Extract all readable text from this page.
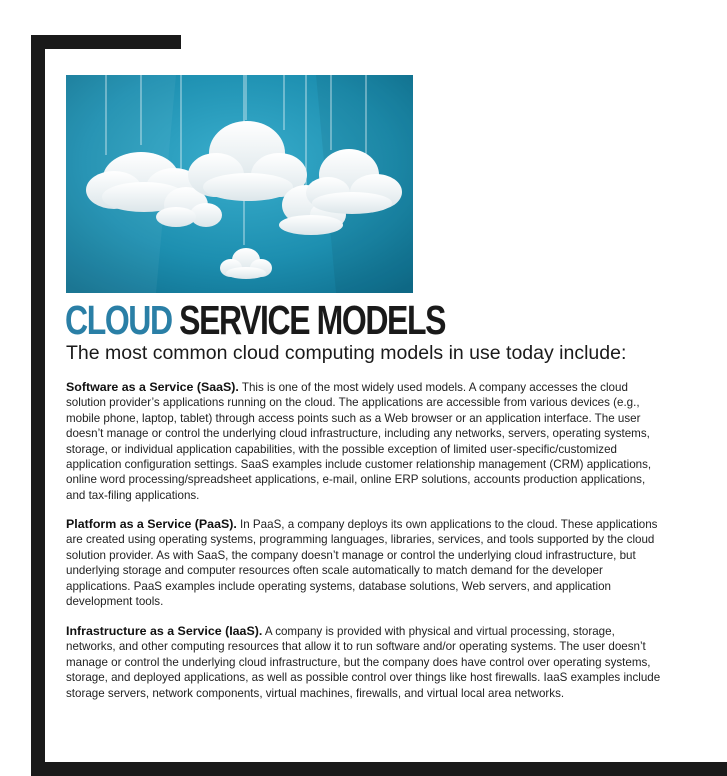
CLOUD SERVICE MODELS

The most common cloud computing models in use today include:

Software as a Service (SaaS). This is one of the most widely used models. A company accesses the cloud solution provider’s applications running on the cloud. The applications are accessible from various devices (e.g., mobile phone, laptop, tablet) through access points such as a Web browser or an application interface. The user doesn’t manage or control the underlying cloud infrastructure, including any networks, servers, operating systems, storage, or individual application capabilities, with the possible exception of limited user-specific/customized application configuration settings. SaaS examples include customer relationship management (CRM) applications, online word processing/spreadsheet applications, e-mail, online ERP solutions, accounts production applications, and tax-filing applications.

Platform as a Service (PaaS). In PaaS, a company deploys its own applications to the cloud. These applications are created using operating systems, programming languages, libraries, services, and tools supported by the cloud solution provider. As with SaaS, the company doesn’t manage or control the underlying cloud infrastructure, but underlying storage and computer resources often scale automatically to match demand for the developer applications. PaaS examples include operating systems, database solutions, Web servers, and application development tools.

Infrastructure as a Service (IaaS). A company is provided with physical and virtual processing, storage, networks, and other computing resources that allow it to run software and/or operating systems. The user doesn’t manage or control the underlying cloud infrastructure, but the company does have control over operating systems, storage, and deployed applications, as well as possible control over things like host firewalls. IaaS examples include storage servers, network components, virtual machines, firewalls, and virtual local area networks.
